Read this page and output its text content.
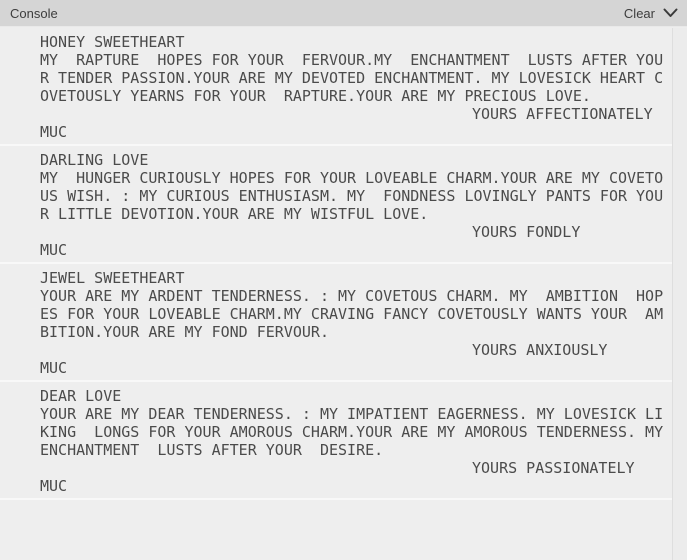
Console	Clear
HONEY SWEETHEART
MY  RAPTURE  HOPES FOR YOUR  FERVOUR.MY  ENCHANTMENT  LUSTS AFTER YOU
R TENDER PASSION.YOUR ARE MY DEVOTED ENCHANTMENT. MY LOVESICK HEART C
OVETOUSLY YEARNS FOR YOUR  RAPTURE.YOUR ARE MY PRECIOUS LOVE.
YOURS AFFECTIONATELY
MUC
DARLING LOVE
MY  HUNGER CURIOUSLY HOPES FOR YOUR LOVEABLE CHARM.YOUR ARE MY COVETO
US WISH. : MY CURIOUS ENTHUSIASM. MY  FONDNESS LOVINGLY PANTS FOR YOU
R LITTLE DEVOTION.YOUR ARE MY WISTFUL LOVE.
YOURS FONDLY
MUC
JEWEL SWEETHEART
YOUR ARE MY ARDENT TENDERNESS. : MY COVETOUS CHARM. MY  AMBITION  HOP
ES FOR YOUR LOVEABLE CHARM.MY CRAVING FANCY COVETOUSLY WANTS YOUR  AM
BITION.YOUR ARE MY FOND FERVOUR.
YOURS ANXIOUSLY
MUC
DEAR LOVE
YOUR ARE MY DEAR TENDERNESS. : MY IMPATIENT EAGERNESS. MY LOVESICK LI
KING  LONGS FOR YOUR AMOROUS CHARM.YOUR ARE MY AMOROUS TENDERNESS. MY
ENCHANTMENT  LUSTS AFTER YOUR  DESIRE.
YOURS PASSIONATELY
MUC
